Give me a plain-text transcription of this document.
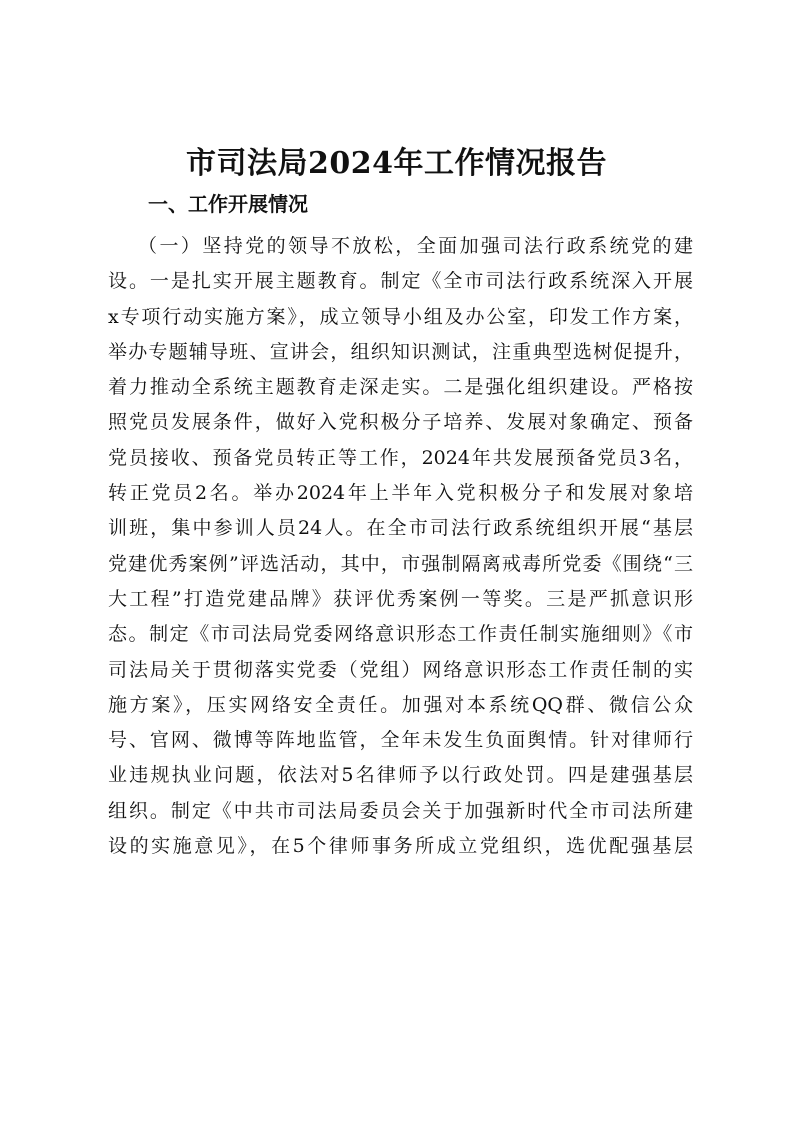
市司法局2024年工作情况报告
一、工作开展情况
（一）坚持党的领导不放松，全面加强司法行政系统党的建
设。一是扎实开展主题教育。制定《全市司法行政系统深入开展
x专项行动实施方案》，成立领导小组及办公室，印发工作方案，
举办专题辅导班、宣讲会，组织知识测试，注重典型选树促提升，
着力推动全系统主题教育走深走实。二是强化组织建设。严格按
照党员发展条件，做好入党积极分子培养、发展对象确定、预备
党员接收、预备党员转正等工作，2024年共发展预备党员3名，
转正党员2名。举办2024年上半年入党积极分子和发展对象培
训班，集中参训人员24人。在全市司法行政系统组织开展“基层
党建优秀案例”评选活动，其中，市强制隔离戒毒所党委《围绕“三
大工程”打造党建品牌》获评优秀案例一等奖。三是严抓意识形
态。制定《市司法局党委网络意识形态工作责任制实施细则》《市
司法局关于贯彻落实党委（党组）网络意识形态工作责任制的实
施方案》，压实网络安全责任。加强对本系统QQ群、微信公众
号、官网、微博等阵地监管，全年未发生负面舆情。针对律师行
业违规执业问题，依法对5名律师予以行政处罚。四是建强基层
组织。制定《中共市司法局委员会关于加强新时代全市司法所建
设的实施意见》，在5个律师事务所成立党组织，选优配强基层
